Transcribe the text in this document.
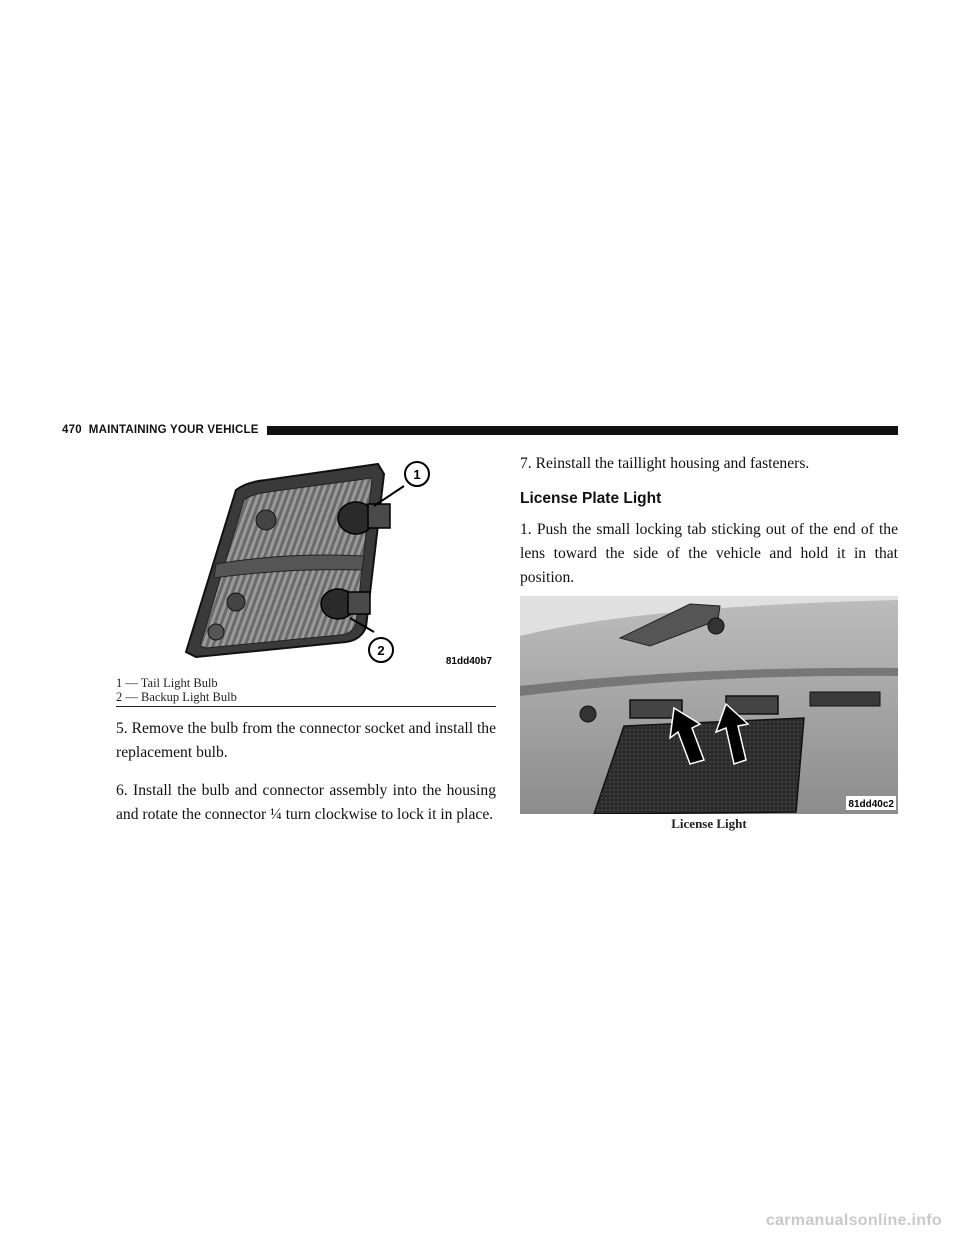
470 MAINTAINING YOUR VEHICLE
1
2
81dd40b7
1 — Tail Light Bulb
2 — Backup Light Bulb

5. Remove the bulb from the connector socket and install the replacement bulb.

6. Install the bulb and connector assembly into the housing and rotate the connector ¼ turn clockwise to lock it in place.

7. Reinstall the taillight housing and fasteners.

License Plate Light

1. Push the small locking tab sticking out of the end of the lens toward the side of the vehicle and hold it in that position.

81dd40c2
License Light
carmanualsonline.info
